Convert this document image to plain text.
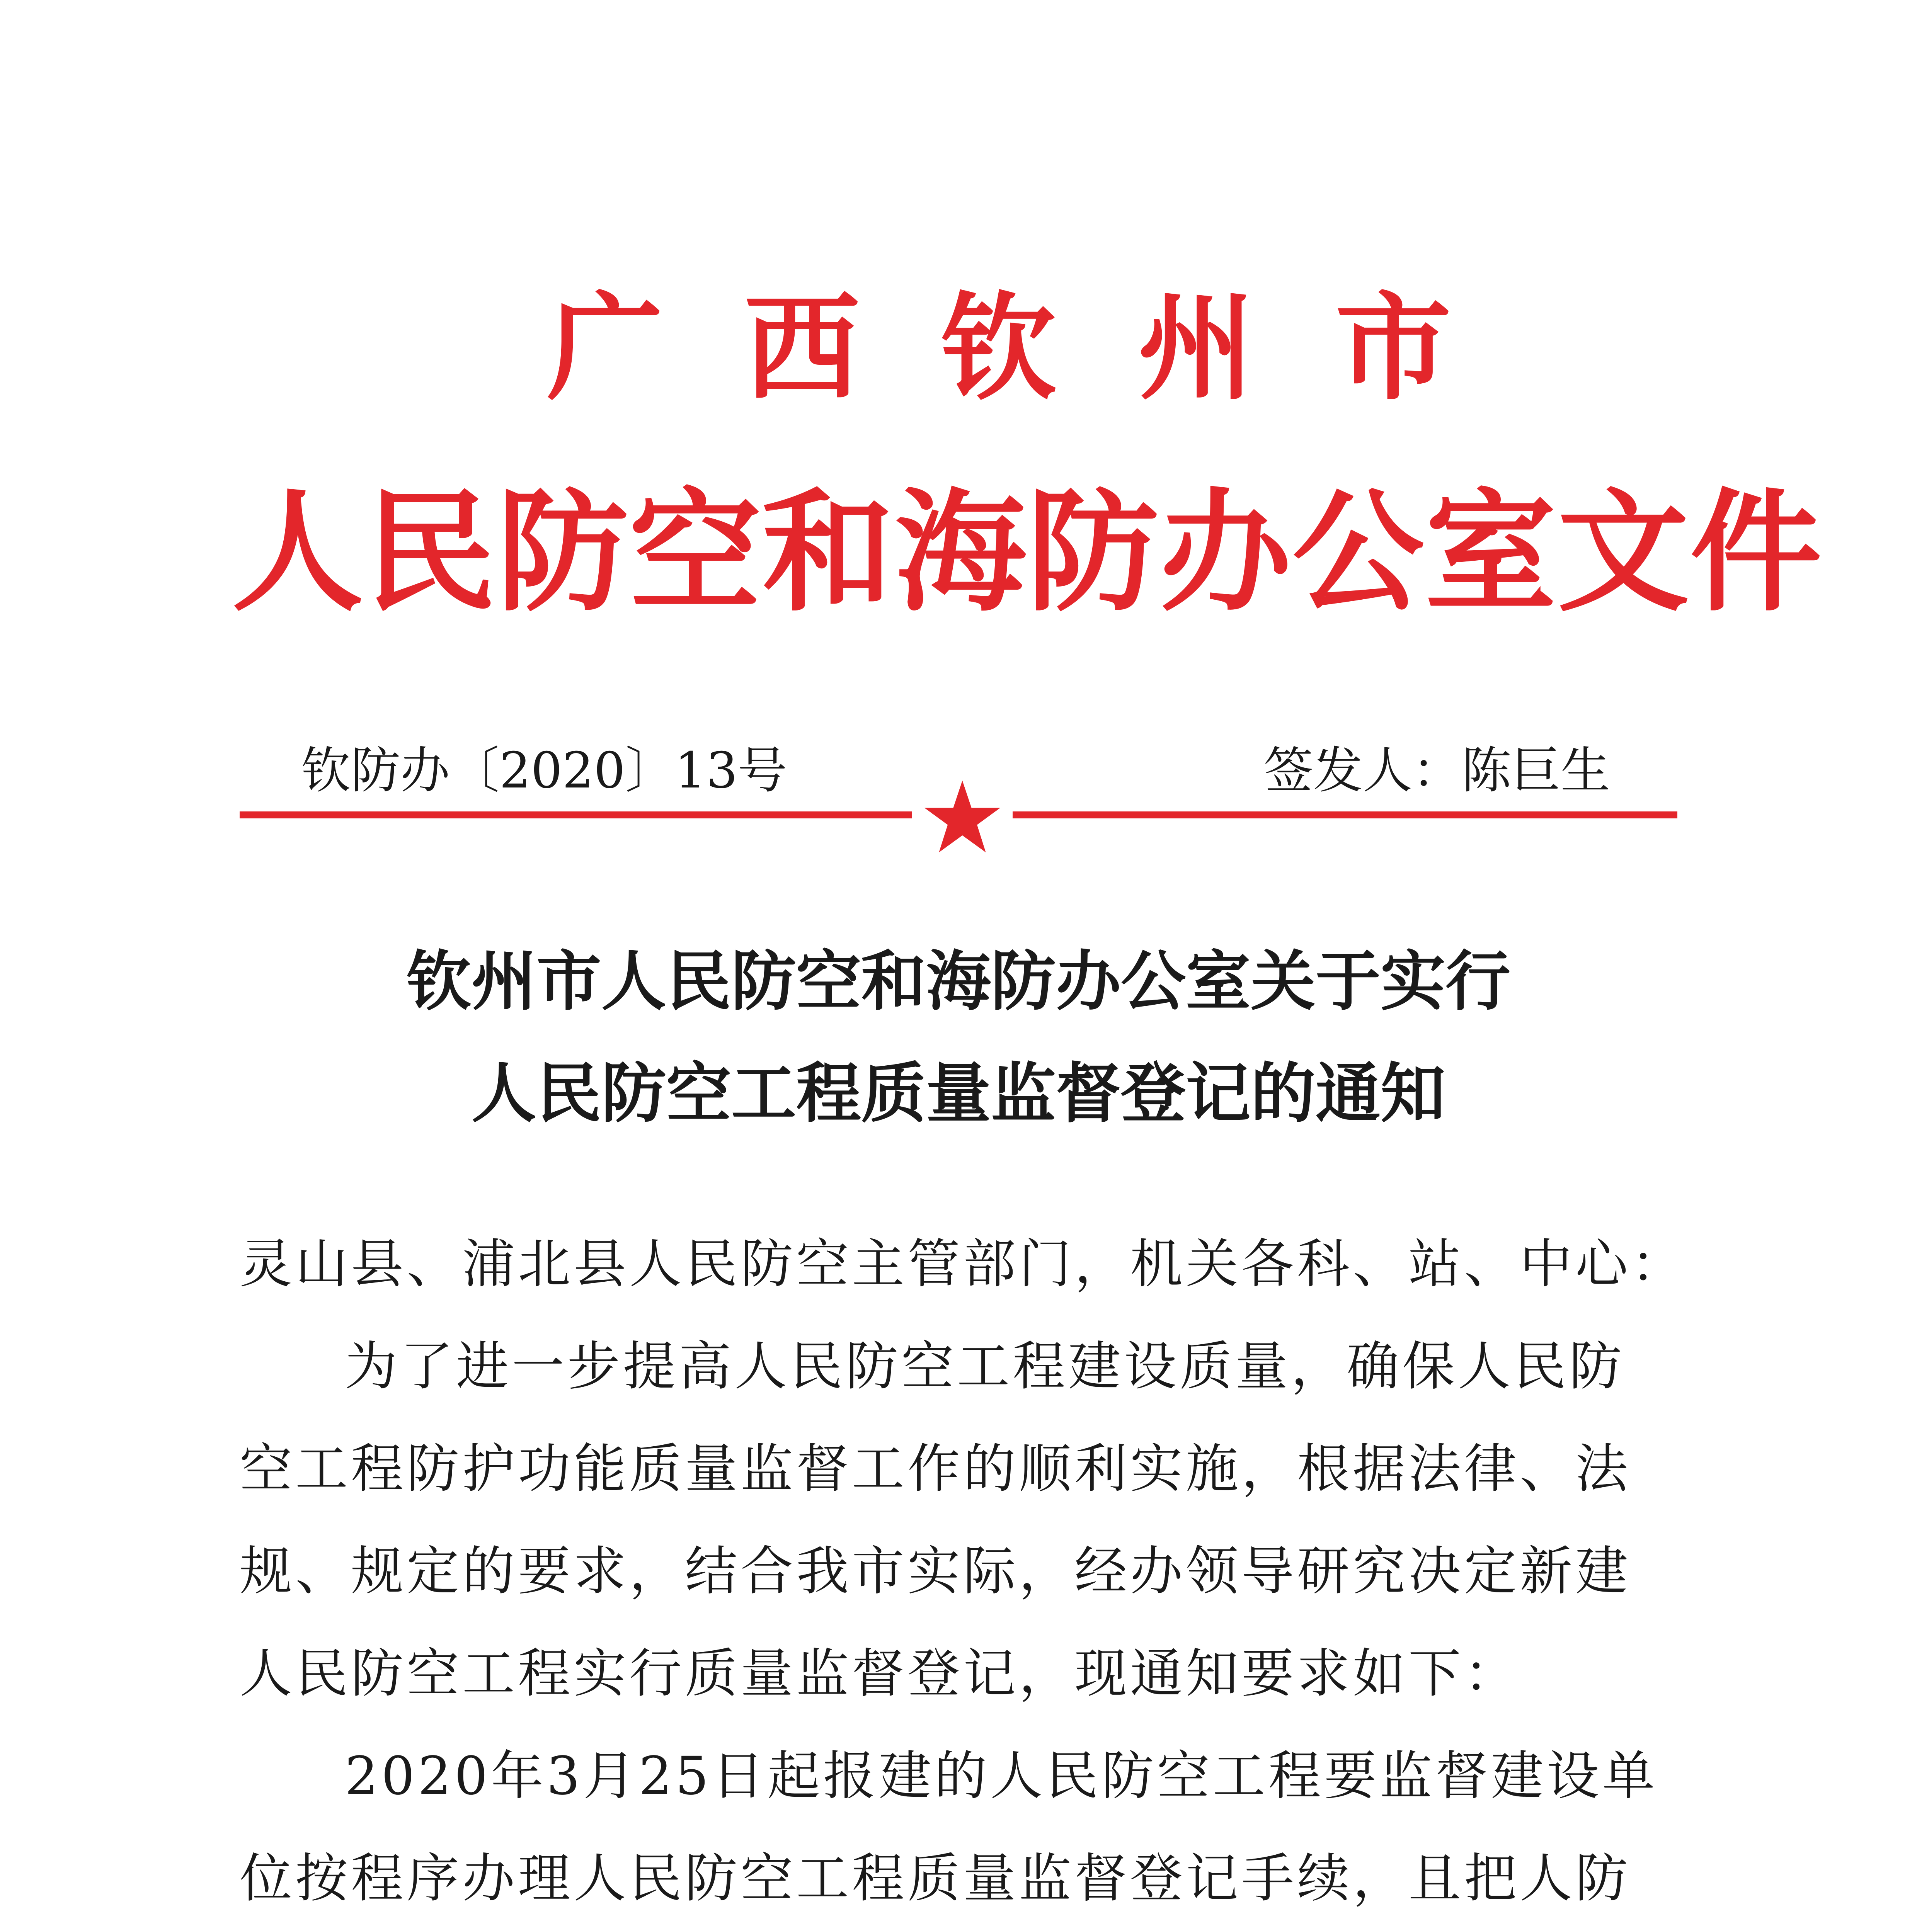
广西钦州市
人民防空和海防办公室文件
钦防办〔2020〕13号	签发人：陈巨生
钦州市人民防空和海防办公室关于实行
人民防空工程质量监督登记的通知
灵山县、浦北县人民防空主管部门，机关各科、站、中心：
为了进一步提高人民防空工程建设质量，确保人民防空工程防护功能质量监督工作的顺利实施，根据法律、法规、规定的要求，结合我市实际，经办领导研究决定新建人民防空工程实行质量监督登记，现通知要求如下：
2020年3月25日起报建的人民防空工程要监督建设单位按程序办理人民防空工程质量监督登记手续，且把人防
